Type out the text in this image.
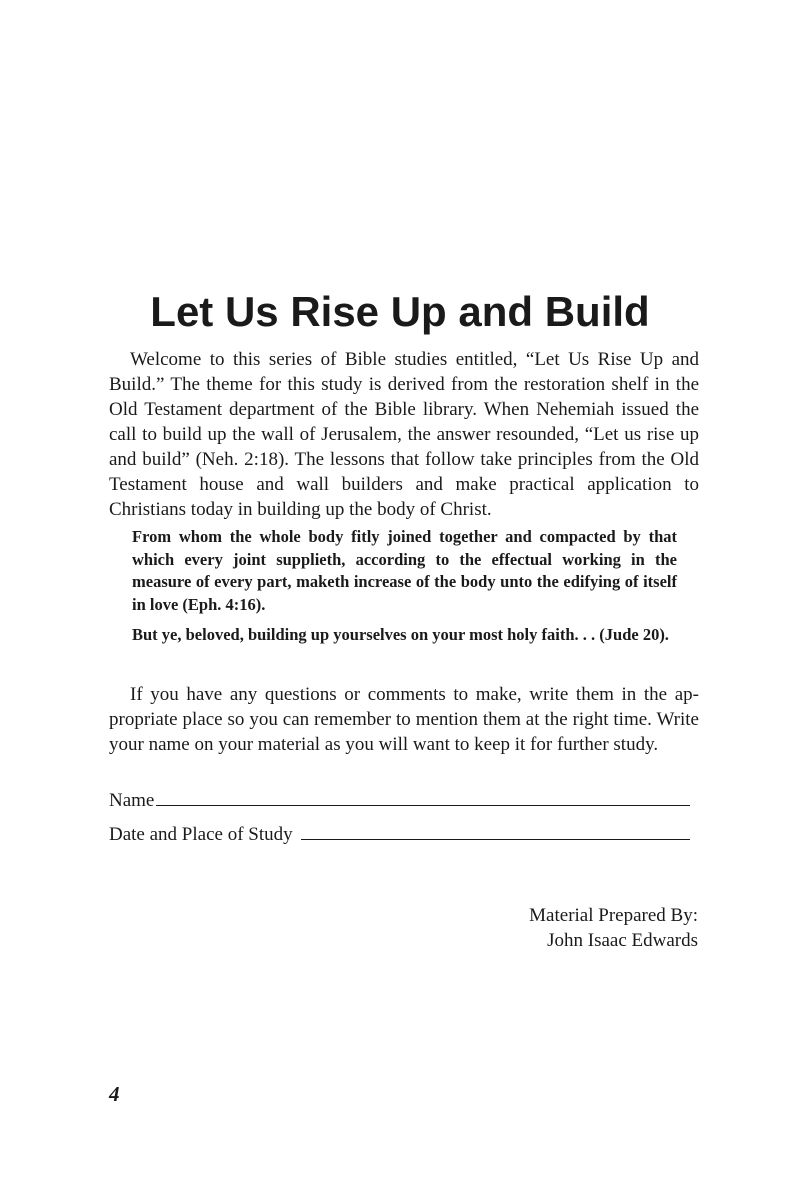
Let Us Rise Up and Build

Welcome to this series of Bible studies entitled, “Let Us Rise Up and Build.” The theme for this study is derived from the restoration shelf in the Old Testament department of the Bible library. When Nehemiah issued the call to build up the wall of Jerusalem, the answer resounded, “Let us rise up and build” (Neh. 2:18). The lessons that follow take principles from the Old Testament house and wall builders and make practical application to Christians today in building up the body of Christ.

From whom the whole body fitly joined together and compacted by that which every joint supplieth, according to the effectual working in the measure of every part, maketh increase of the body unto the edifying of itself in love (Eph. 4:16).

But ye, beloved, building up yourselves on your most holy faith. . . (Jude 20).

If you have any questions or comments to make, write them in the appropriate place so you can remember to mention them at the right time. Write your name on your material as you will want to keep it for further study.

Name
Date and Place of Study
Material Prepared By:
John Isaac Edwards
4
